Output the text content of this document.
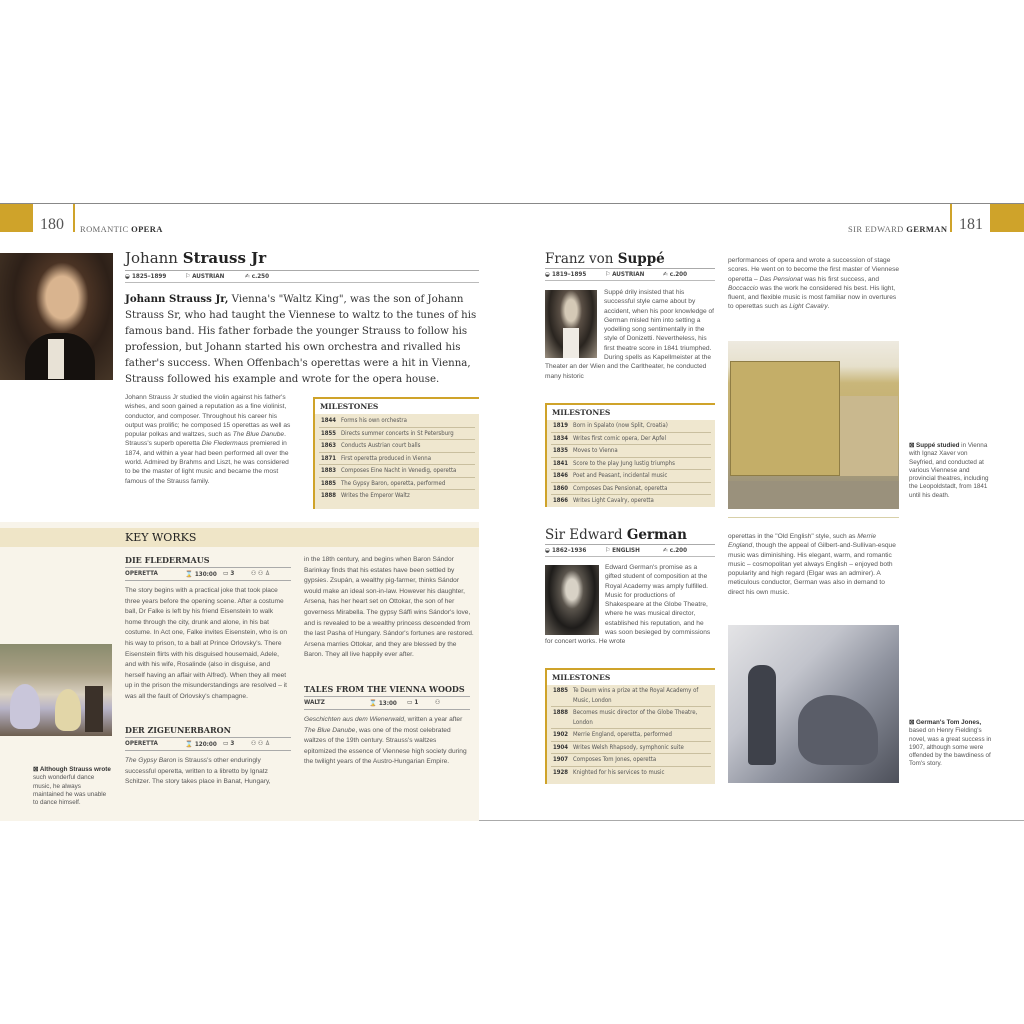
180 ROMANTIC OPERA
Johann Strauss Jr
◒ 1825–1899	⚐ AUSTRIAN	✍ c.250

Johann Strauss Jr, Vienna's "Waltz King", was the son of Johann Strauss Sr, who had taught the Viennese to waltz to the tunes of his famous band. His father forbade the younger Strauss to follow his profession, but Johann started his own orchestra and rivalled his father's success. When Offenbach's operettas were a hit in Vienna, Strauss followed his example and wrote for the opera house.

Johann Strauss Jr studied the violin against his father's wishes, and soon gained a reputation as a fine violinist, conductor, and composer. Throughout his career his output was prolific; he composed 15 operettas as well as popular polkas and waltzes, such as The Blue Danube. Strauss's superb operetta Die Fledermaus premiered in 1874, and within a year had been performed all over the world. Admired by Brahms and Liszt, he was considered to be the master of light music and became the most famous of the Strauss family.

MILESTONES
1844 Forms his own orchestra
1855 Directs summer concerts in St Petersburg
1863 Conducts Austrian court balls
1871 First operetta produced in Vienna
1883 Composes Eine Nacht in Venedig, operetta
1885 The Gypsy Baron, operetta, performed
1888 Writes the Emperor Waltz
KEY WORKS

⊠ Although Strauss wrote such wonderful dance music, he always maintained he was unable to dance himself.

DIE FLEDERMAUS
OPERETTA	⌛ 130:00 ▭ 3	⚇ ⚇ ♙

The story begins with a practical joke that took place three years before the opening scene. After a costume ball, Dr Falke is left by his friend Eisenstein to walk home through the city, drunk and alone, in his bat costume. In Act one, Falke invites Eisenstein, who is on his way to prison, to a ball at Prince Orlovsky's. There Eisenstein flirts with his disguised housemaid, Adele, and with his wife, Rosalinde (also in disguise, and herself having an affair with Alfred). When they all meet up in the prison the misunderstandings are resolved – it was all the fault of Orlovsky's champagne.

DER ZIGEUNERBARON
OPERETTA	⌛ 120:00 ▭ 3	⚇ ⚇ ♙

The Gypsy Baron is Strauss's other enduringly successful operetta, written to a libretto by Ignatz Schitzer. The story takes place in Banat, Hungary,

in the 18th century, and begins when Baron Sándor Barinkay finds that his estates have been settled by gypsies. Zsupán, a wealthy pig-farmer, thinks Sándor would make an ideal son-in-law. However his daughter, Arsena, has her heart set on Ottokar, the son of her governess Mirabella. The gypsy Sáffi wins Sándor's love, and is revealed to be a wealthy princess descended from the last Pasha of Hungary. Sándor's fortunes are restored. Arsena marries Ottokar, and they are blessed by the Baron. They all live happily ever after.

TALES FROM THE VIENNA WOODS
WALTZ	⌛ 13:00	▭ 1	⚇

Geschichten aus dem Wienerwald, written a year after The Blue Danube, was one of the most celebrated waltzes of the 19th century. Strauss's waltzes epitomized the essence of Viennese high society during the twilight years of the Austro-Hungarian Empire.

SIR EDWARD GERMAN 181
Franz von Suppé
◒ 1819–1895	⚐ AUSTRIAN	✍ c.200

Suppé drily insisted that his successful style came about by accident, when his poor knowledge of German misled him into setting a yodelling song sentimentally in the style of Donizetti. Nevertheless, his first theatre score in 1841 triumphed. During spells as Kapellmeister at the Theater an der Wien and the Carltheater, he conducted many historic

performances of opera and wrote a succession of stage scores. He went on to become the first master of Viennese operetta – Das Pensionat was his first success, and Boccaccio was the work he considered his best. His light, fluent, and flexible music is most familiar now in overtures to operettas such as Light Cavalry.

MILESTONES
1819 Born in Spalato (now Split, Croatia)
1834 Writes first comic opera, Der Apfel
1835 Moves to Vienna
1841 Score to the play Jung lustig triumphs
1846 Poet and Peasant, incidental music
1860 Composes Das Pensionat, operetta
1866 Writes Light Cavalry, operetta

⊠ Suppé studied in Vienna with Ignaz Xaver von Seyfried, and conducted at various Viennese and provincial theatres, including the Leopoldstadt, from 1841 until his death.

Sir Edward German
◒ 1862–1936	⚐ ENGLISH	✍ c.200

Edward German's promise as a gifted student of composition at the Royal Academy was amply fulfilled. Music for productions of Shakespeare at the Globe Theatre, where he was musical director, established his reputation, and he was soon besieged by commissions for concert works. He wrote

operettas in the "Old English" style, such as Merrie England, though the appeal of Gilbert-and-Sullivan-esque music was diminishing. His elegant, warm, and romantic music – cosmopolitan yet always English – enjoyed both popularity and high regard (Elgar was an admirer). A meticulous conductor, German was also in demand to direct his own music.

MILESTONES
1885 Te Deum wins a prize at the Royal Academy of Music, London
1888 Becomes music director of the Globe Theatre, London
1902 Merrie England, operetta, performed
1904 Writes Welsh Rhapsody, symphonic suite
1907 Composes Tom Jones, operetta
1928 Knighted for his services to music

⊠ German's Tom Jones, based on Henry Fielding's novel, was a great success in 1907, although some were offended by the bawdiness of Tom's story.
